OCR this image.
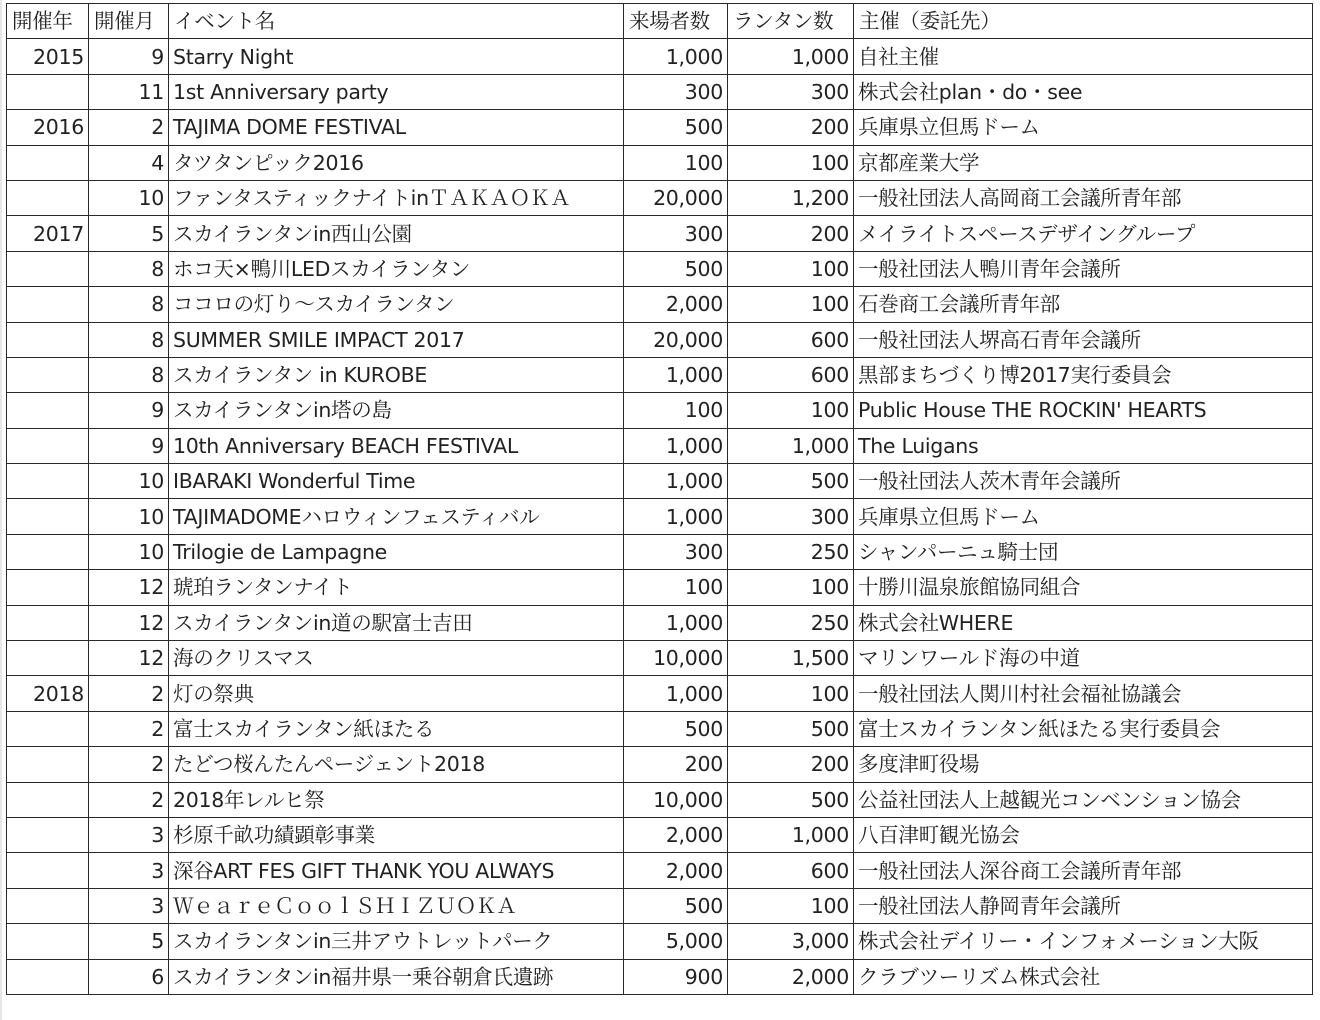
開催年	開催月	イベント名	来場者数	ランタン数	主催（委託先）
2015	9	Starry Night	1,000	1,000	自社主催
	11	1st Anniversary party	300	300	株式会社plan・do・see
2016	2	TAJIMA DOME FESTIVAL	500	200	兵庫県立但馬ドーム
	4	タツタンピック2016	100	100	京都産業大学
	10	ファンタスティックナイトinＴＡＫＡＯＫＡ	20,000	1,200	一般社団法人高岡商工会議所青年部
2017	5	スカイランタンin西山公園	300	200	メイライトスペースデザイングループ
	8	ホコ天×鴨川LEDスカイランタン	500	100	一般社団法人鴨川青年会議所
	8	ココロの灯り～スカイランタン	2,000	100	石巻商工会議所青年部
	8	SUMMER SMILE IMPACT 2017	20,000	600	一般社団法人堺高石青年会議所
	8	スカイランタン in KUROBE	1,000	600	黒部まちづくり博2017実行委員会
	9	スカイランタンin塔の島	100	100	Public House THE ROCKIN' HEARTS
	9	10th Anniversary BEACH FESTIVAL	1,000	1,000	The Luigans
	10	IBARAKI Wonderful Time	1,000	500	一般社団法人茨木青年会議所
	10	TAJIMADOMEハロウィンフェスティバル	1,000	300	兵庫県立但馬ドーム
	10	Trilogie de Lampagne	300	250	シャンパーニュ騎士団
	12	琥珀ランタンナイト	100	100	十勝川温泉旅館協同組合
	12	スカイランタンin道の駅富士吉田	1,000	250	株式会社WHERE
	12	海のクリスマス	10,000	1,500	マリンワールド海の中道
2018	2	灯の祭典	1,000	100	一般社団法人関川村社会福祉協議会
	2	富士スカイランタン紙ほたる	500	500	富士スカイランタン紙ほたる実行委員会
	2	たどつ桜んたんページェント2018	200	200	多度津町役場
	2	2018年レルヒ祭	10,000	500	公益社団法人上越観光コンベンション協会
	3	杉原千畝功績顕彰事業	2,000	1,000	八百津町観光協会
	3	深谷ART FES GIFT THANK YOU ALWAYS	2,000	600	一般社団法人深谷商工会議所青年部
	3	ＷｅａｒｅＣｏｏｌＳＨＩＺＵＯＫＡ	500	100	一般社団法人静岡青年会議所
	5	スカイランタンin三井アウトレットパーク	5,000	3,000	株式会社デイリー・インフォメーション大阪
	6	スカイランタンin福井県一乗谷朝倉氏遺跡	900	2,000	クラブツーリズム株式会社
